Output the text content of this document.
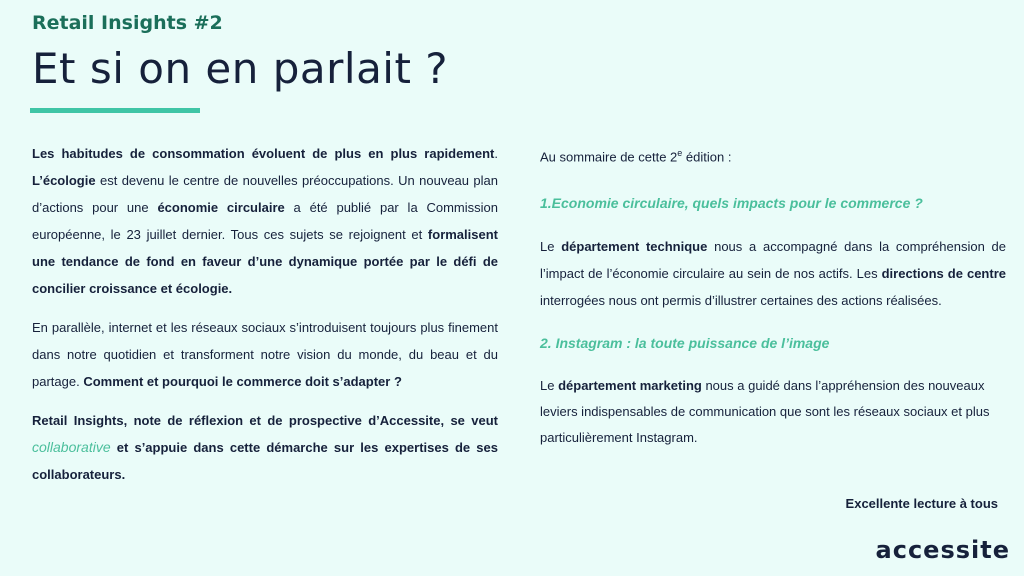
Retail Insights #2
Et si on en parlait ?

Les habitudes de consommation évoluent de plus en plus rapidement. L’écologie est devenu le centre de nouvelles préoccupations. Un nouveau plan d’actions pour une économie circulaire a été publié par la Commission européenne, le 23 juillet dernier. Tous ces sujets se rejoignent et formalisent une tendance de fond en faveur d’une dynamique portée par le défi de concilier croissance et écologie.

En parallèle, internet et les réseaux sociaux s’introduisent toujours plus finement dans notre quotidien et transforment notre vision du monde, du beau et du partage. Comment et pourquoi le commerce doit s’adapter ?

Retail Insights, note de réflexion et de prospective d’Accessite, se veut collaborative et s’appuie dans cette démarche sur les expertises de ses collaborateurs.

Au sommaire de cette 2e édition :

1.Economie circulaire, quels impacts pour le commerce ?

Le département technique nous a accompagné dans la compréhension de l’impact de l’économie circulaire au sein de nos actifs. Les directions de centre interrogées nous ont permis d’illustrer certaines des actions réalisées.

2. Instagram : la toute puissance de l’image

Le département marketing nous a guidé dans l’appréhension des nouveaux leviers indispensables de communication que sont les réseaux sociaux et plus particulièrement Instagram.

Excellente lecture à tous
accessite
